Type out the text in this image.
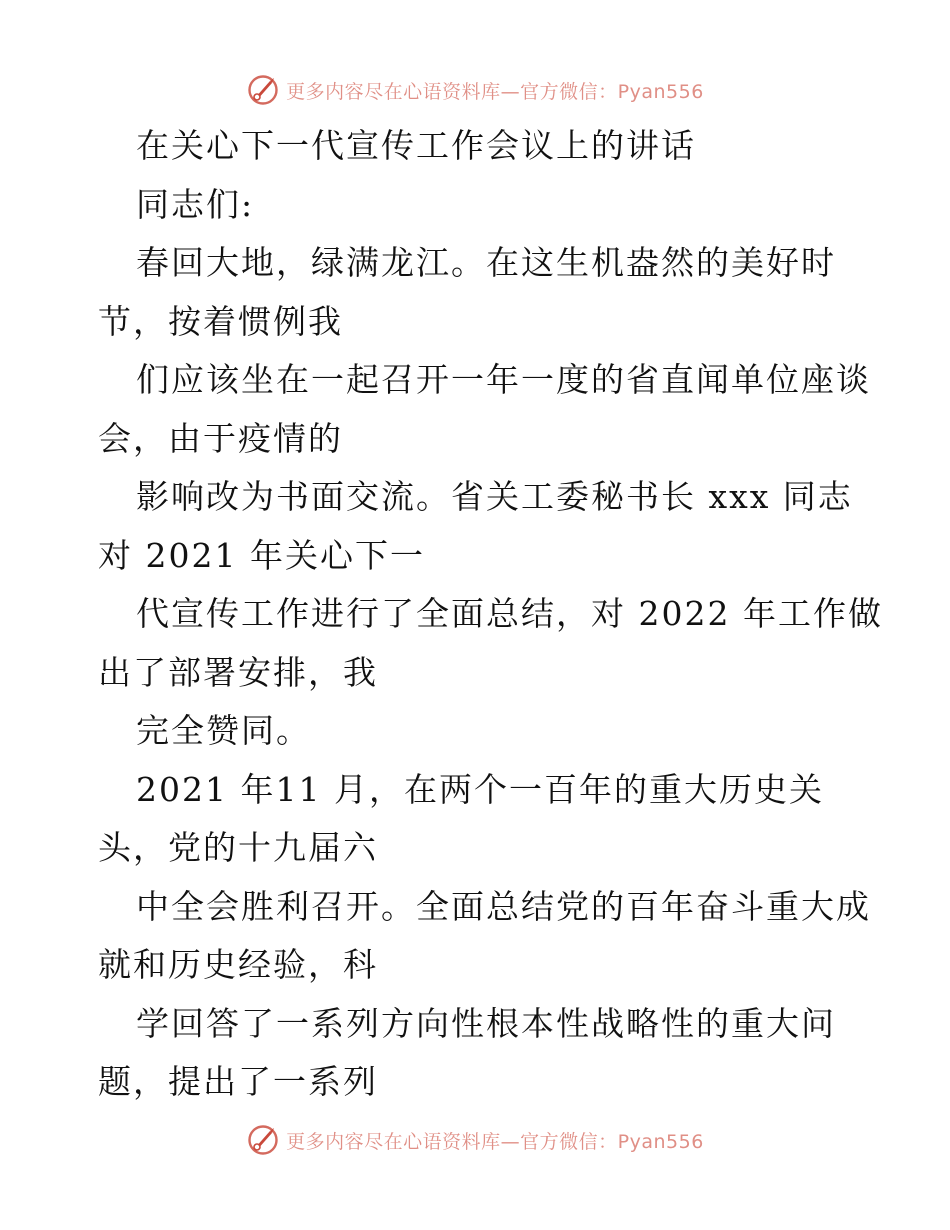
更多内容尽在心语资料库—官方微信：Pyan556
在关心下一代宣传工作会议上的讲话
同志们:
春回大地，绿满龙江。在这生机盎然的美好时
节，按着惯例我
们应该坐在一起召开一年一度的省直闻单位座谈
会，由于疫情的
影响改为书面交流。省关工委秘书长 xxx 同志
对 2021 年关心下一
代宣传工作进行了全面总结，对 2022 年工作做
出了部署安排，我
完全赞同。
2021 年11 月，在两个一百年的重大历史关
头，党的十九届六
中全会胜利召开。全面总结党的百年奋斗重大成
就和历史经验，科
学回答了一系列方向性根本性战略性的重大问
题，提出了一系列
更多内容尽在心语资料库—官方微信：Pyan556
